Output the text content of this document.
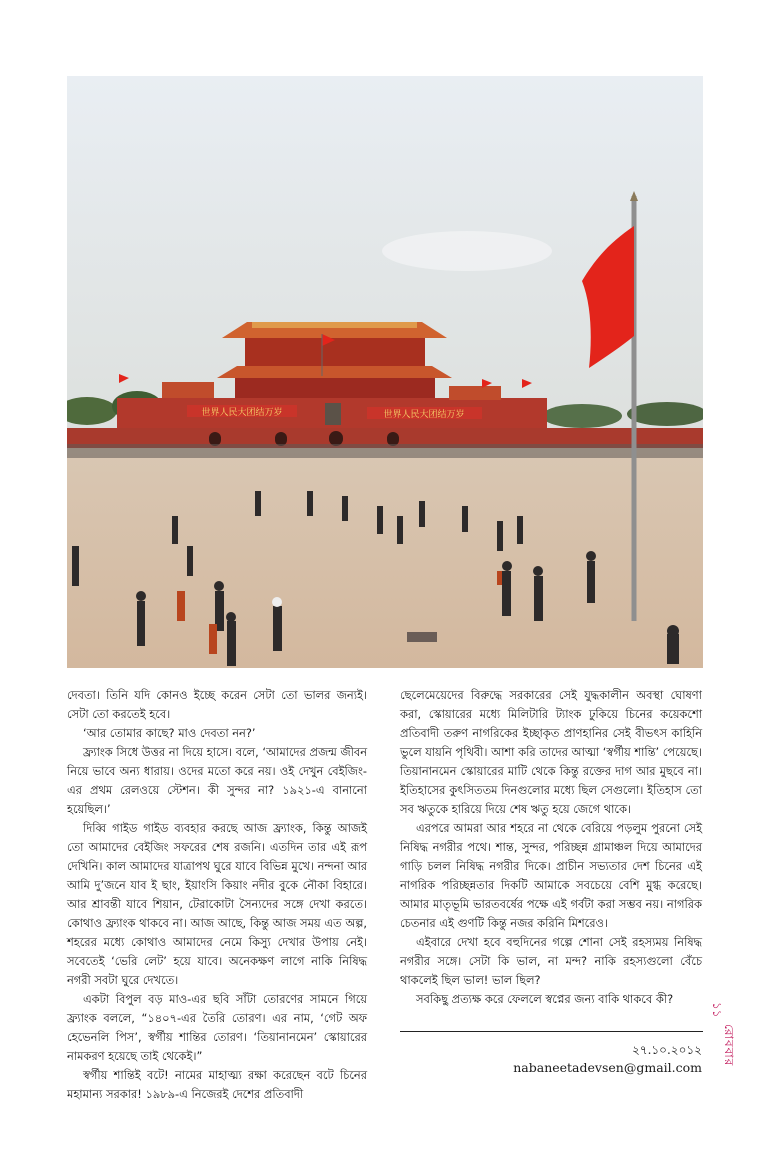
世界人民大团结万岁	世界人民大团结万岁

দেবতা। তিনি যদি কোনও ইচ্ছে করেন সেটা তো ভালর জন্যই। সেটা তো করতেই হবে।

‘আর তোমার কাছে? মাও দেবতা নন?’

ফ্র্যাংক সিধে উত্তর না দিয়ে হাসে। বলে, ‘আমাদের প্রজন্ম জীবন নিয়ে ভাবে অন্য ধারায়। ওদের মতো করে নয়। ওই দেখুন বেইজিং-এর প্রথম রেলওয়ে স্টেশন। কী সুন্দর না? ১৯২১-এ বানানো হয়েছিল।’

দিব্বি গাইড গাইড ব্যবহার করছে আজ ফ্র্যাংক, কিন্তু আজই তো আমাদের বেইজিং সফরের শেষ রজনি। এতদিন তার এই রূপ দেখিনি। কাল আমাদের যাত্রাপথ ঘুরে যাবে বিভিন্ন মুখে। নন্দনা আর আমি দু’জনে যাব ই ছাং, ইয়াংসি কিয়াং নদীর বুকে নৌকা বিহারে। আর শ্রাবন্তী যাবে শিয়ান, টেরাকোটা সৈন্যদের সঙ্গে দেখা করতে। কোথাও ফ্র্যাংক থাকবে না। আজ আছে, কিন্তু আজ সময় এত অল্প, শহরের মধ্যে কোথাও আমাদের নেমে কিস্যু দেখার উপায় নেই। সবেতেই ‘ভেরি লেট’ হয়ে যাবে। অনেকক্ষণ লাগে নাকি নিষিদ্ধ নগরী সবটা ঘুরে দেখতে।

একটা বিপুল বড় মাও-এর ছবি সাঁটা তোরণের সামনে গিয়ে ফ্র্যাংক বললে, “১৪০৭-এর তৈরি তোরণ। এর নাম, ‘গেট অফ হেভেনলি পিস’, স্বর্গীয় শান্তির তোরণ। ‘তিয়ানানমেন’ স্কোয়ারের নামকরণ হয়েছে তাই থেকেই।”

স্বর্গীয় শান্তিই বটে! নামের মাহাত্ম্য রক্ষা করেছেন বটে চিনের মহামান্য সরকার! ১৯৮৯-এ নিজেরই দেশের প্রতিবাদী

ছেলেমেয়েদের বিরুদ্ধে সরকারের সেই যুদ্ধকালীন অবস্থা ঘোষণা করা, স্কোয়ারের মধ্যে মিলিটারি ট্যাংক ঢুকিয়ে চিনের কয়েকশো প্রতিবাদী তরুণ নাগরিকের ইচ্ছাকৃত প্রাণহানির সেই বীভৎস কাহিনি ভুলে যায়নি পৃথিবী। আশা করি তাদের আত্মা ‘স্বর্গীয় শান্তি’ পেয়েছে। তিয়ানানমেন স্কোয়ারের মাটি থেকে কিন্তু রক্তের দাগ আর মুছবে না। ইতিহাসের কুৎসিততম দিনগুলোর মধ্যে ছিল সেগুলো। ইতিহাস তো সব ঋতুকে হারিয়ে দিয়ে শেষ ঋতু হয়ে জেগে থাকে।

এরপরে আমরা আর শহরে না থেকে বেরিয়ে পড়লুম পুরনো সেই নিষিদ্ধ নগরীর পথে। শান্ত, সুন্দর, পরিচ্ছন্ন গ্রামাঞ্চল দিয়ে আমাদের গাড়ি চলল নিষিদ্ধ নগরীর দিকে। প্রাচীন সভ্যতার দেশ চিনের এই নাগরিক পরিচ্ছন্নতার দিকটি আমাকে সবচেয়ে বেশি মুগ্ধ করেছে। আমার মাতৃভূমি ভারতবর্ষের পক্ষে এই গর্বটা করা সম্ভব নয়। নাগরিক চেতনার এই গুণটি কিন্তু নজর করিনি মিশরেও।

এইবারে দেখা হবে বহুদিনের গল্পে শোনা সেই রহস্যময় নিষিদ্ধ নগরীর সঙ্গে। সেটা কি ভাল, না মন্দ? নাকি রহস্যগুলো বেঁচে থাকলেই ছিল ভাল! ভাল ছিল?

সবকিছু প্রত্যক্ষ করে ফেললে স্বপ্নের জন্য বাকি থাকবে কী?

২৭.১০.২০১২
nabaneetadevsen@gmail.com
১১
রোববার
